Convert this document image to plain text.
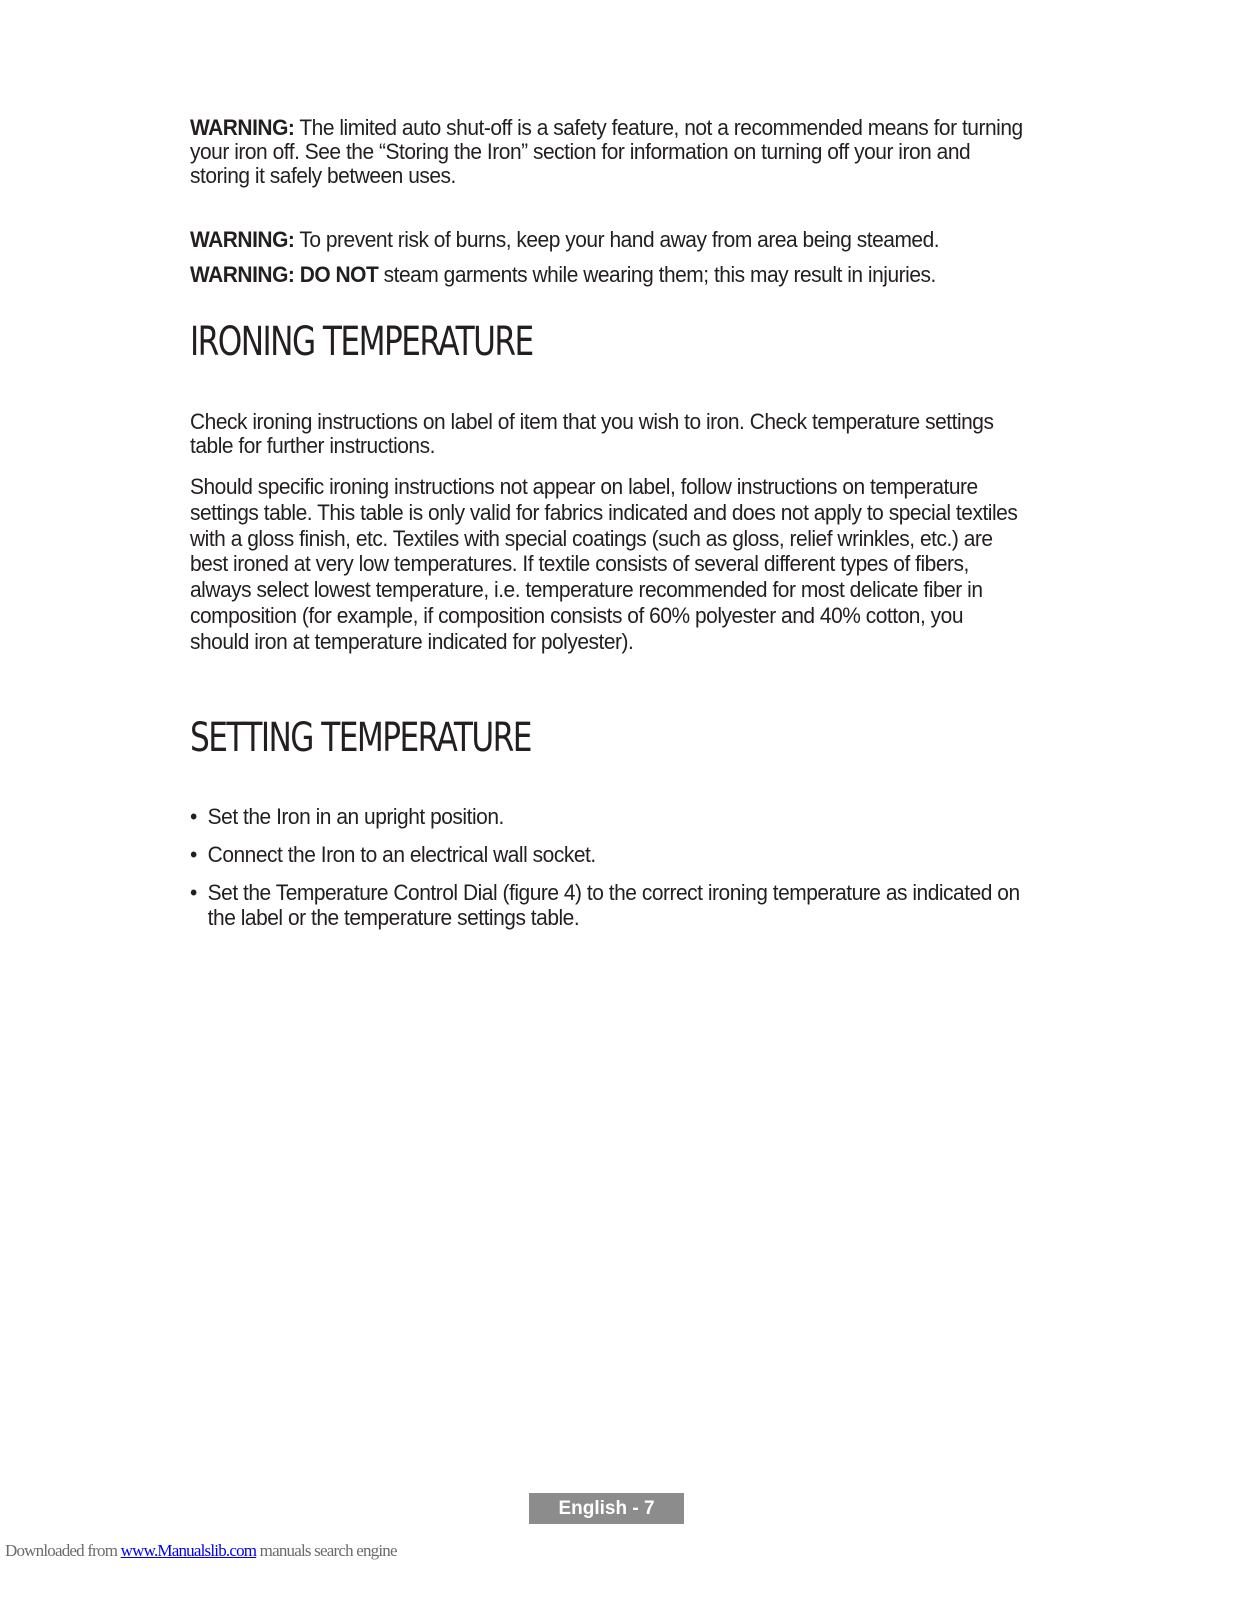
WARNING: The limited auto shut-off is a safety feature, not a recommended means for turning your iron off. See the “Storing the Iron” section for information on turning off your iron and storing it safely between uses.

WARNING: To prevent risk of burns, keep your hand away from area being steamed.

WARNING: DO NOT steam garments while wearing them; this may result in injuries.

IRONING TEMPERATURE

Check ironing instructions on label of item that you wish to iron. Check temperature settings table for further instructions.

Should specific ironing instructions not appear on label, follow instructions on temperature settings table. This table is only valid for fabrics indicated and does not apply to special textiles with a gloss finish, etc. Textiles with special coatings (such as gloss, relief wrinkles, etc.) are best ironed at very low temperatures. If textile consists of several different types of fibers, always select lowest temperature, i.e. temperature recommended for most delicate fiber in composition (for example, if composition consists of 60% polyester and 40% cotton, you should iron at temperature indicated for polyester).

SETTING TEMPERATURE
• Set the Iron in an upright position.
• Connect the Iron to an electrical wall socket.
• Set the Temperature Control Dial (figure 4) to the correct ironing temperature as indicated on the label or the temperature settings table.
English - 7
Downloaded from www.Manualslib.com manuals search engine
